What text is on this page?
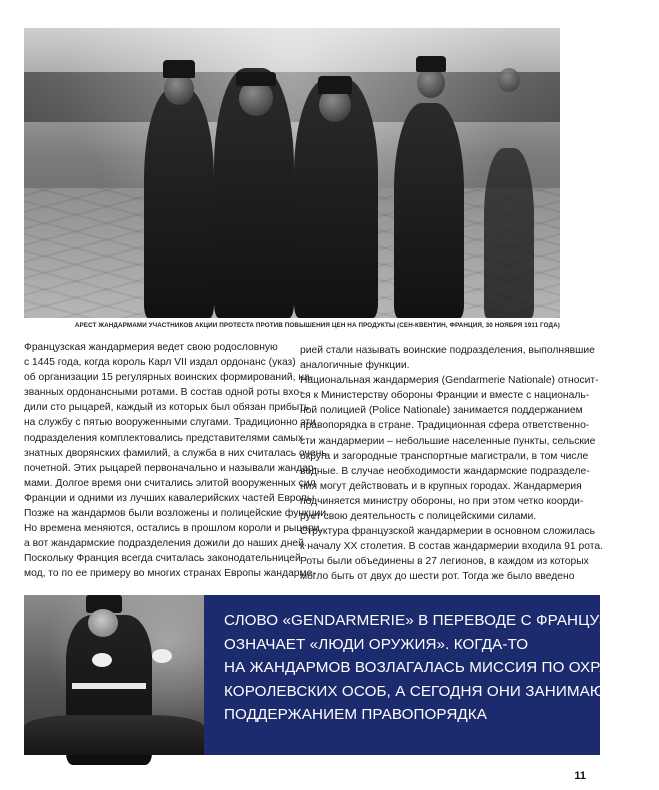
АРЕСТ ЖАНДАРМАМИ УЧАСТНИКОВ АКЦИИ ПРОТЕСТА ПРОТИВ ПОВЫШЕНИЯ ЦЕН НА ПРОДУКТЫ (СЕН-КВЕНТИН, ФРАНЦИЯ, 30 НОЯБРЯ 1911 ГОДА)
Французская жандармерия ведет свою родословную
с 1445 года, когда король Карл VII издал ордонанс (указ)
об организации 15 регулярных воинских формирований, на-
званных ордонансными ротами. В состав одной роты вхо-
дили сто рыцарей, каждый из которых был обязан прибыть
на службу с пятью вооруженными слугами. Традиционно эти
подразделения комплектовались представителями самых
знатных дворянских фамилий, а служба в них считалась очень
почетной. Этих рыцарей первоначально и называли жандар-
мами. Долгое время они считались элитой вооруженных сил
Франции и одними из лучших кавалерийских частей Европы.
Позже на жандармов были возложены и полицейские функции.
Но времена меняются, остались в прошлом короли и рыцари,
а вот жандармские подразделения дожили до наших дней.
Поскольку Франция всегда считалась законодательницей
мод, то по ее примеру во многих странах Европы жандарме-
рией стали называть воинские подразделения, выполнявшие
аналогичные функции.
Национальная жандармерия (Gendarmerie Nationale) относит-
ся к Министерству обороны Франции и вместе с националь-
ной полицией (Police Nationale) занимается поддержанием
правопорядка в стране. Традиционная сфера ответственно-
сти жандармерии – небольшие населенные пункты, сельские
округа и загородные транспортные магистрали, в том числе
водные. В случае необходимости жандармские подразделе-
ния могут действовать и в крупных городах. Жандармерия
подчиняется министру обороны, но при этом четко коорди-
рует свою деятельность с полицейскими силами.
Структура французской жандармерии в основном сложилась
к началу XX столетия. В состав жандармерии входила 91 рота.
Роты были объединены в 27 легионов, в каждом из которых
могло быть от двух до шести рот. Тогда же было введено
СЛОВО «GENDARMERIE» В ПЕРЕВОДЕ С ФРАНЦУЗСКОГО
ОЗНАЧАЕТ «ЛЮДИ ОРУЖИЯ». КОГДА-ТО
НА ЖАНДАРМОВ ВОЗЛАГАЛАСЬ МИССИЯ ПО ОХРАНЕ
КОРОЛЕВСКИХ ОСОБ, А СЕГОДНЯ ОНИ ЗАНИМАЮТСЯ
ПОДДЕРЖАНИЕМ ПРАВОПОРЯДКА
11
